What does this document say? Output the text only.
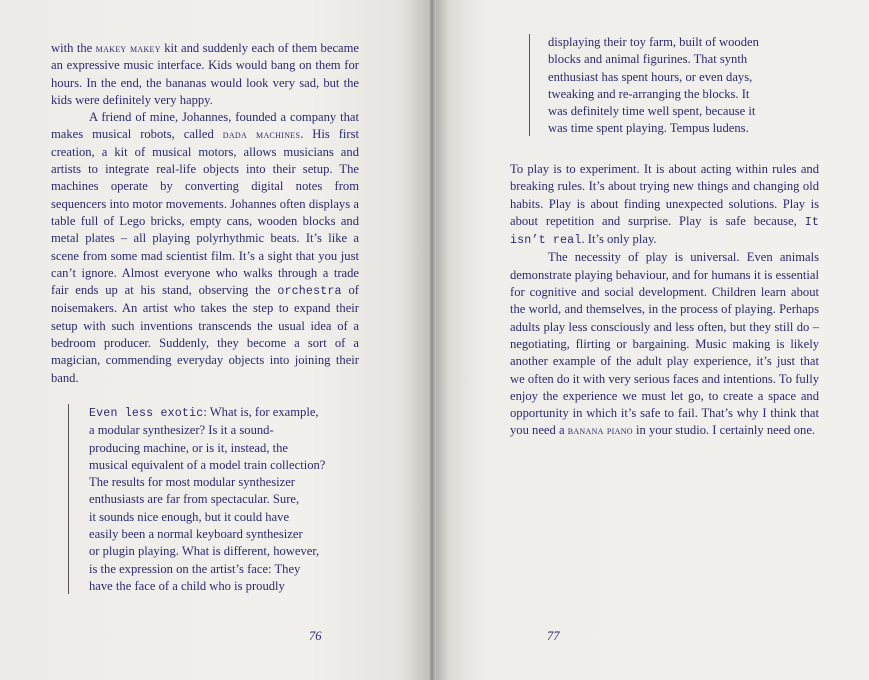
with the makey makey kit and suddenly each of them became an expressive music interface. Kids would bang on them for hours. In the end, the bananas would look very sad, but the kids were definitely very happy.

A friend of mine, Johannes, founded a company that makes musical robots, called dada machines. His first creation, a kit of musical motors, allows musicians and artists to integrate real-life objects into their setup. The machines operate by converting digital notes from sequencers into motor movements. Johannes often displays a table full of Lego bricks, empty cans, wooden blocks and metal plates – all playing polyrhythmic beats. It’s like a scene from some mad scientist film. It’s a sight that you just can’t ignore. Almost everyone who walks through a trade fair ends up at his stand, observing the orchestra of noisemakers. An artist who takes the step to expand their setup with such inventions transcends the usual idea of a bedroom producer. Suddenly, they become a sort of a magician, commending everyday objects into joining their band.

Even less exotic: What is, for example,
a modular synthesizer? Is it a sound-
producing machine, or is it, instead, the
musical equivalent of a model train collection?
The results for most modular synthesizer
enthusiasts are far from spectacular. Sure,
it sounds nice enough, but it could have
easily been a normal keyboard synthesizer
or plugin playing. What is different, however,
is the expression on the artist’s face: They
have the face of a child who is proudly
76
displaying their toy farm, built of wooden
blocks and animal figurines. That synth
enthusiast has spent hours, or even days,
tweaking and re-arranging the blocks. It
was definitely time well spent, because it
was time spent playing. Tempus ludens.

To play is to experiment. It is about acting within rules and breaking rules. It’s about trying new things and changing old habits. Play is about finding unexpected solutions. Play is about repetition and surprise. Play is safe because, It isn’t real. It’s only play.

The necessity of play is universal. Even animals demonstrate playing behaviour, and for humans it is essential for cognitive and social development. Children learn about the world, and themselves, in the process of playing. Perhaps adults play less consciously and less often, but they still do – negotiating, flirting or bargaining. Music making is likely another example of the adult play experience, it’s just that we often do it with very serious faces and intentions. To fully enjoy the experience we must let go, to create a space and opportunity in which it’s safe to fail. That’s why I think that you need a banana piano in your studio. I certainly need one.

77
